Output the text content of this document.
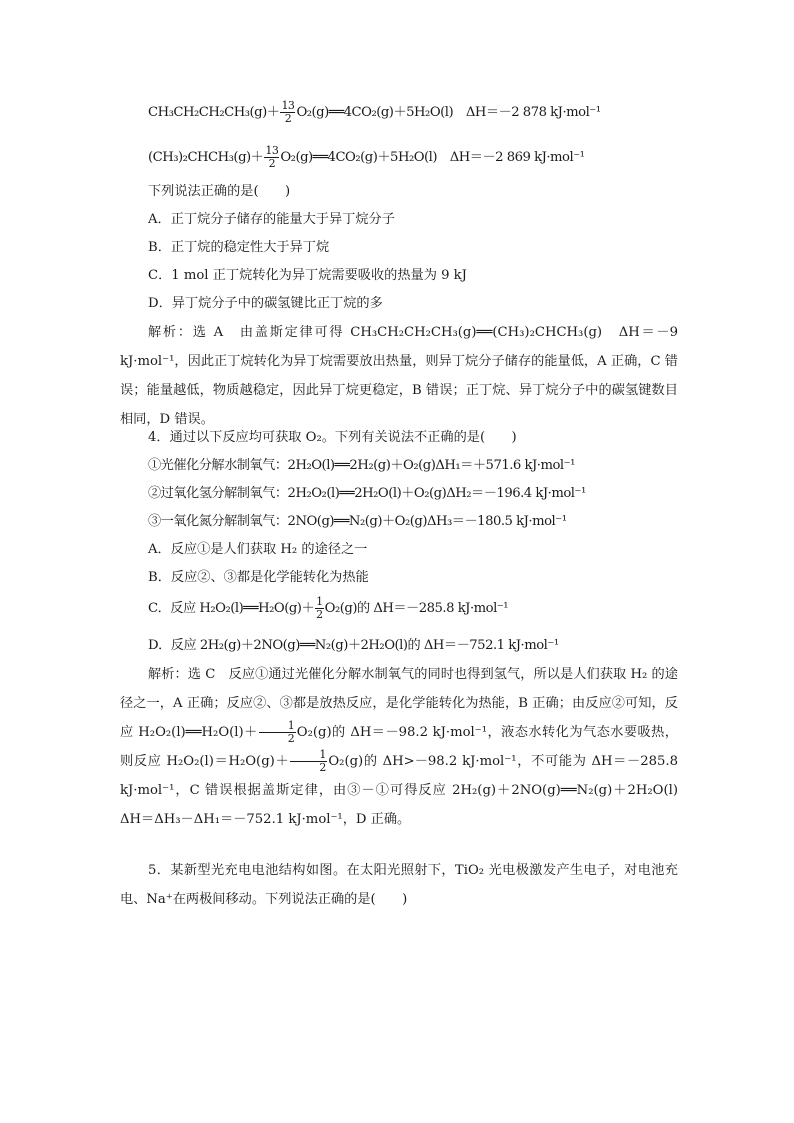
$CH_3CH_2CH_2CH_3(g)+ \frac{13}{2}$ O₂(g)══4CO₂(g)＋5H₂O(l)　ΔH＝－2 878 kJ·mol⁻¹
(CH₃)₂CHCH₃(g)＋ $\frac{13}{2}$ O₂(g)══4CO₂(g)＋5H₂O(l)　ΔH＝－2 869 kJ·mol⁻¹
下列说法正确的是(　　)
A．正丁烷分子储存的能量大于异丁烷分子
B．正丁烷的稳定性大于异丁烷
C．1 mol 正丁烷转化为异丁烷需要吸收的热量为 9 kJ
D．异丁烷分子中的碳氢键比正丁烷的多
解析：选 A　由盖斯定律可得 CH₃CH₂CH₂CH₃(g)══(CH₃)₂CHCH₃(g)　ΔH＝－9 kJ·mol⁻¹，因此正丁烷转化为异丁烷需要放出热量，则异丁烷分子储存的能量低，A 正确，C 错误；能量越低，物质越稳定，因此异丁烷更稳定，B 错误；正丁烷、异丁烷分子中的碳氢键数目相同，D 错误。
4．通过以下反应均可获取 O₂。下列有关说法不正确的是(　　)
①光催化分解水制氧气：2H₂O(l)══2H₂(g)＋O₂(g)ΔH₁＝＋571.6 kJ·mol⁻¹
②过氧化氢分解制氧气：2H₂O₂(l)══2H₂O(l)＋O₂(g)ΔH₂＝－196.4 kJ·mol⁻¹
③一氧化氮分解制氧气：2NO(g)══N₂(g)＋O₂(g)ΔH₃＝－180.5 kJ·mol⁻¹
A．反应①是人们获取 H₂ 的途径之一
B．反应②、③都是化学能转化为热能
C．反应 H₂O₂(l)══H₂O(g)＋ $\frac{1}{2} O_2(g)$的 ΔH＝－285.8 kJ·mol⁻¹
D．反应 2H₂(g)＋2NO(g)══N₂(g)＋2H₂O(l)的 ΔH＝－752.1 kJ·mol⁻¹
解析：选 C　反应①通过光催化分解水制氧气的同时也得到氢气，所以是人们获取 H₂ 的途径之一，A 正确；反应②、③都是放热反应，是化学能转化为热能，B 正确；由反应②可知，反应 H₂O₂(l)══H₂O(l)＋ $\frac{1}{2} O_2(g)$的 ΔH＝－98.2 kJ·mol⁻¹，液态水转化为气态水要吸热，则反应 $H_2O_2(l)=H_2O(g)+ \frac{1}{2} O_2(g)$的 ΔH>－98.2 kJ·mol⁻¹，不可能为 ΔH＝－285.8 kJ·mol⁻¹，C 错误根据盖斯定律，由③－①可得反应 2H₂(g)＋2NO(g)══N₂(g)＋2H₂O(l)　ΔH＝ΔH₃－ΔH₁＝－752.1 kJ·mol⁻¹，D 正确。
5．某新型光充电电池结构如图。在太阳光照射下，TiO₂ 光电极激发产生电子，对电池充电、Na⁺在两极间移动。下列说法正确的是(　　)
